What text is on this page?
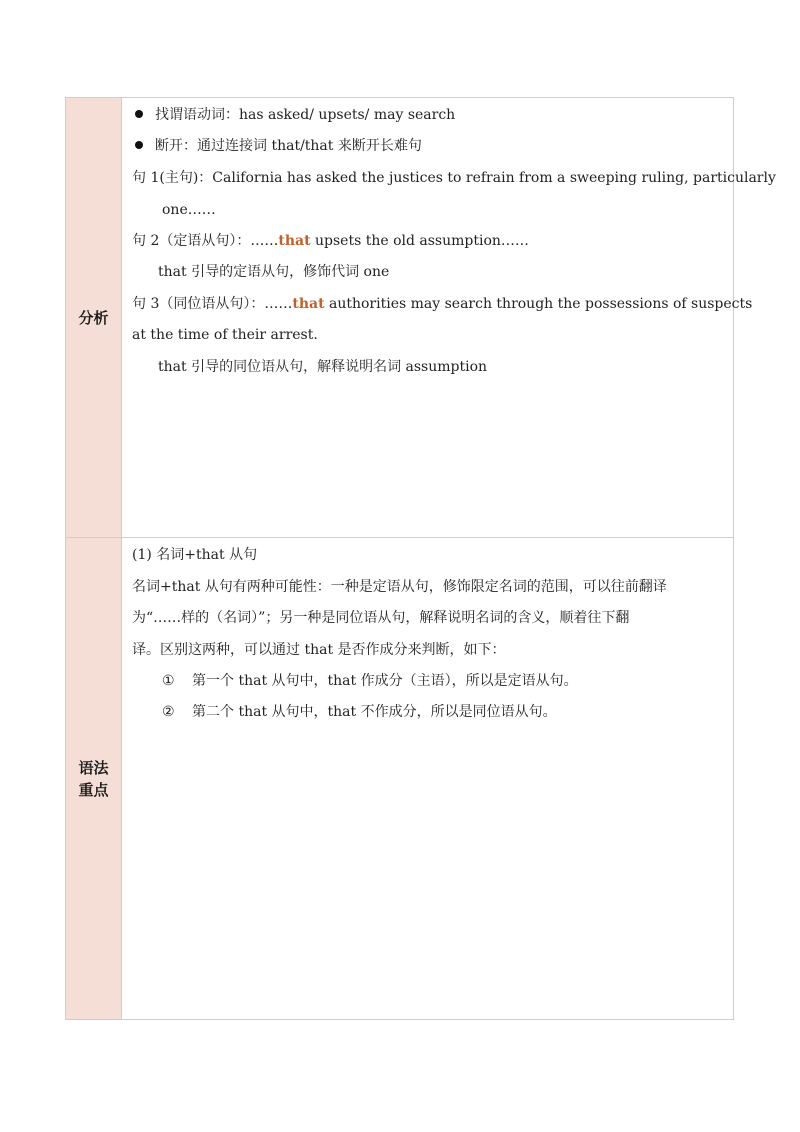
分析
找谓语动词：has asked/ upsets/ may search
断开：通过连接词 that/that 来断开长难句
句 1(主句)：California has asked the justices to refrain from a sweeping ruling, particularly
one……
句 2（定语从句）：……that upsets the old assumption……
that 引导的定语从句，修饰代词 one
句 3（同位语从句）：……that authorities may search through the possessions of suspects
at the time of their arrest.
that 引导的同位语从句，解释说明名词 assumption
语法
重点
(1) 名词+that 从句
名词+that 从句有两种可能性：一种是定语从句，修饰限定名词的范围，可以往前翻译
为“……样的（名词）”；另一种是同位语从句，解释说明名词的含义，顺着往下翻
译。区别这两种，可以通过 that 是否作成分来判断，如下：
① 第一个 that 从句中，that 作成分（主语），所以是定语从句。
② 第二个 that 从句中，that 不作成分，所以是同位语从句。
